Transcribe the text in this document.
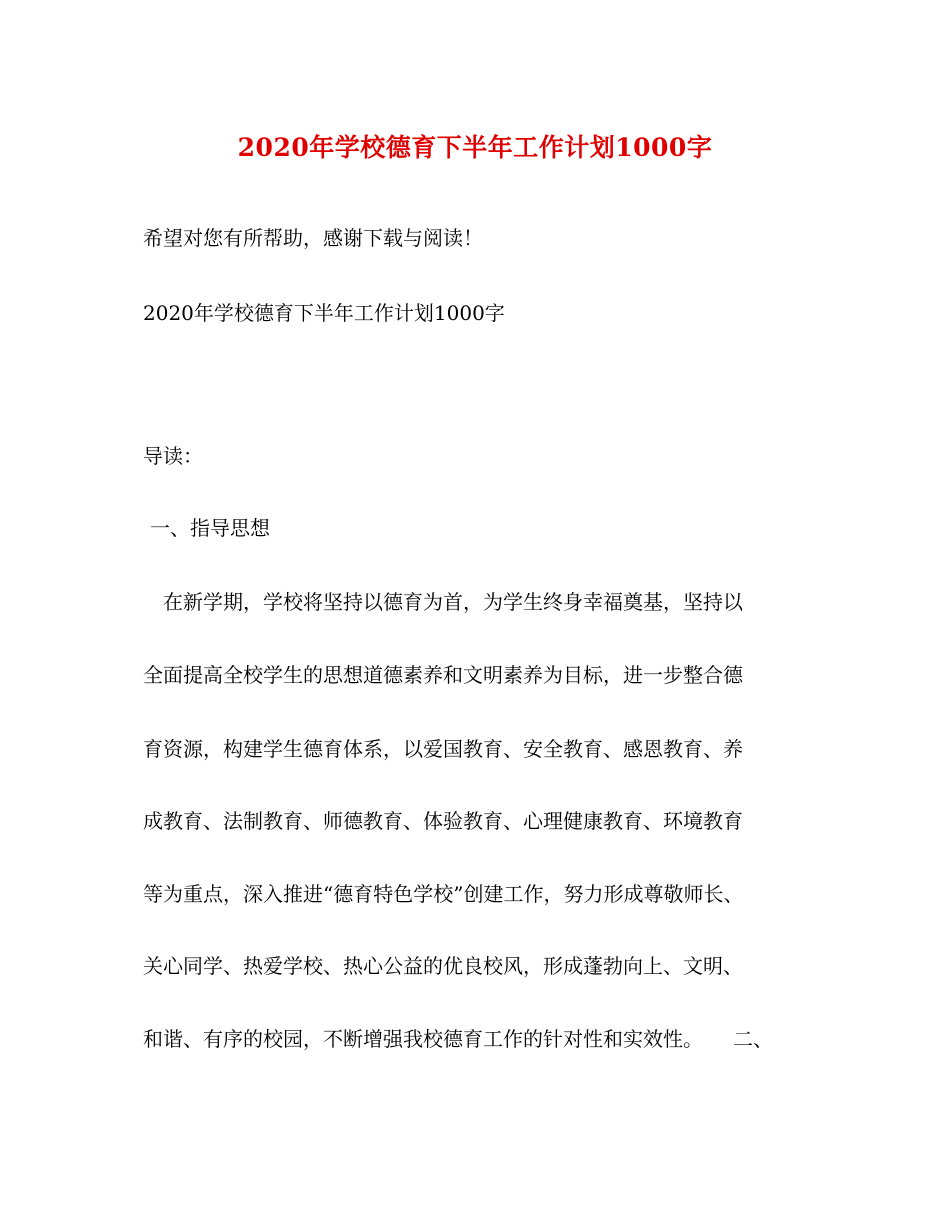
2020年学校德育下半年工作计划1000字

希望对您有所帮助，感谢下载与阅读！

2020年学校德育下半年工作计划1000字

导读：

一、指导思想

　在新学期，学校将坚持以德育为首，为学生终身幸福奠基，坚持以

全面提高全校学生的思想道德素养和文明素养为目标，进一步整合德

育资源，构建学生德育体系，以爱国教育、安全教育、感恩教育、养

成教育、法制教育、师德教育、体验教育、心理健康教育、环境教育

等为重点，深入推进“德育特色学校”创建工作，努力形成尊敬师长、

关心同学、热爱学校、热心公益的优良校风，形成蓬勃向上、文明、

和谐、有序的校园，不断增强我校德育工作的针对性和实效性。　　二、
